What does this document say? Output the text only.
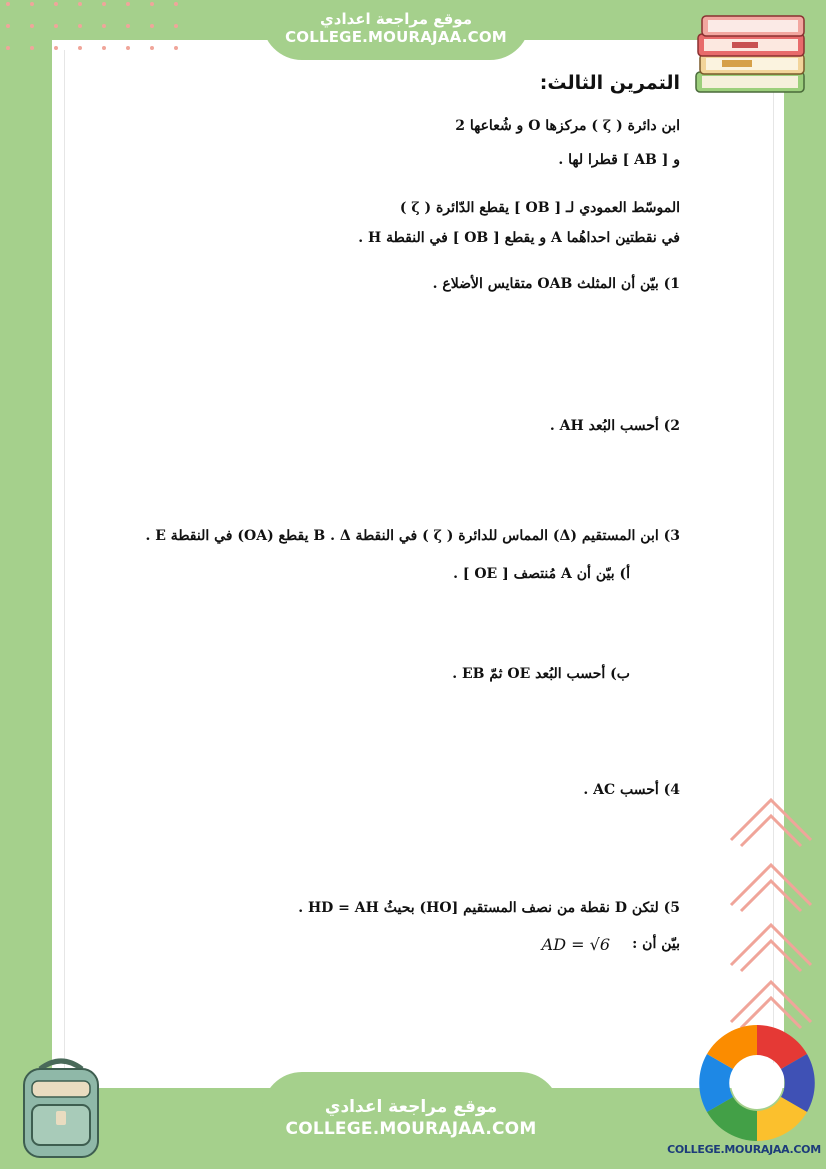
موقع مراجعة اعدادي
COLLEGE.MOURAJAA.COM
التمرين الثالث:
ابن دائرة ( ζ ) مركزها O و شُعاعها 2
و [ AB ] قطرا لها .
الموسّط العمودي لـ [ OB ] يقطع الدّائرة ( ζ )
في نقطتين احداهُما A و يقطع [ OB ] في النقطة H .
1) بيّن أن المثلث OAB متقايس الأضلاع .
2) أحسب البُعد AH .
3) ابن المستقيم (Δ) المماس للدائرة ( ζ ) في النقطة B . Δ يقطع (OA) في النقطة E .
أ) بيّن أن A مُنتصف [ OE ] .
ب) أحسب البُعد OE ثمّ EB .
4) أحسب AC .
5) لتكن D نقطة من نصف المستقيم [HO) بحيثُ HD = AH .
بيّن أن :
AD = √6
COLLEGE.MOURAJAA.COM
موقع مراجعة اعدادي
COLLEGE.MOURAJAA.COM
